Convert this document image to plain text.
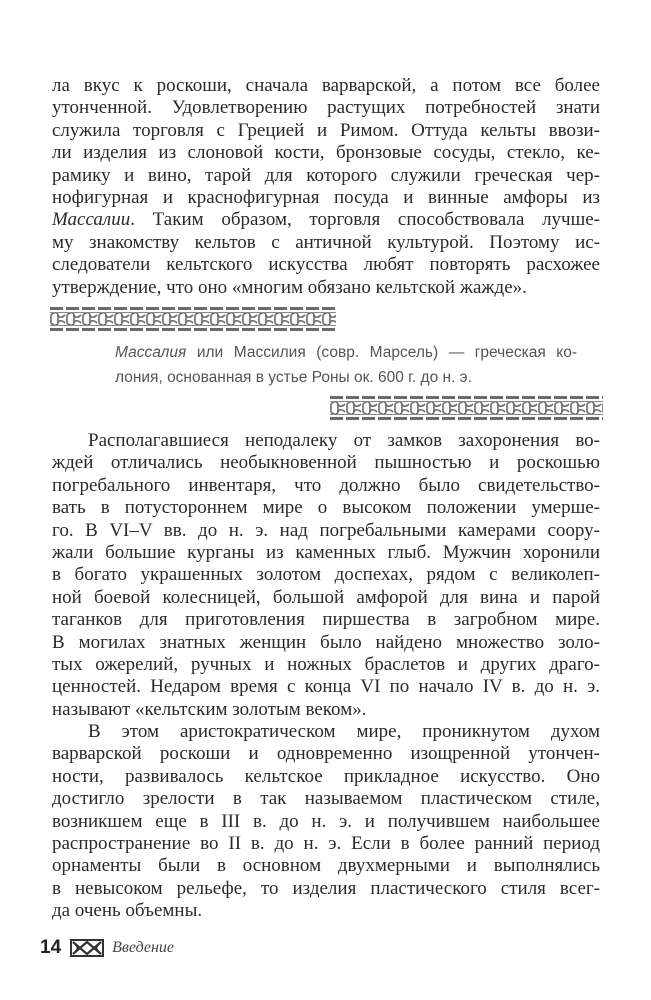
ла вкус к роскоши, сначала варварской, а потом все более
утонченной. Удовлетворению растущих потребностей знати
служила торговля с Грецией и Римом. Оттуда кельты ввози-
ли изделия из слоновой кости, бронзовые сосуды, стекло, ке-
рамику и вино, тарой для которого служили греческая чер-
нофигурная и краснофигурная посуда и винные амфоры из
Массалии. Таким образом, торговля способствовала лучше-
му знакомству кельтов с античной культурой. Поэтому ис-
следователи кельтского искусства любят повторять расхожее
утверждение, что оно «многим обязано кельтской жажде».
Массалия или Массилия (совр. Марсель) — греческая ко-
лония, основанная в устье Роны ок. 600 г. до н. э.
Располагавшиеся неподалеку от замков захоронения во-
ждей отличались необыкновенной пышностью и роскошью
погребального инвентаря, что должно было свидетельство-
вать в потустороннем мире о высоком положении умерше-
го. В VI–V вв. до н. э. над погребальными камерами соору-
жали большие курганы из каменных глыб. Мужчин хоронили
в богато украшенных золотом доспехах, рядом с великолеп-
ной боевой колесницей, большой амфорой для вина и парой
таганков для приготовления пиршества в загробном мире.
В могилах знатных женщин было найдено множество золо-
тых ожерелий, ручных и ножных браслетов и других драго-
ценностей. Недаром время с конца VI по начало IV в. до н. э.
называют «кельтским золотым веком».
В этом аристократическом мире, проникнутом духом
варварской роскоши и одновременно изощренной утончен-
ности, развивалось кельтское прикладное искусство. Оно
достигло зрелости в так называемом пластическом стиле,
возникшем еще в III в. до н. э. и получившем наибольшее
распространение во II в. до н. э. Если в более ранний период
орнаменты были в основном двухмерными и выполнялись
в невысоком рельефе, то изделия пластического стиля всег-
да очень объемны.
14	Введение
